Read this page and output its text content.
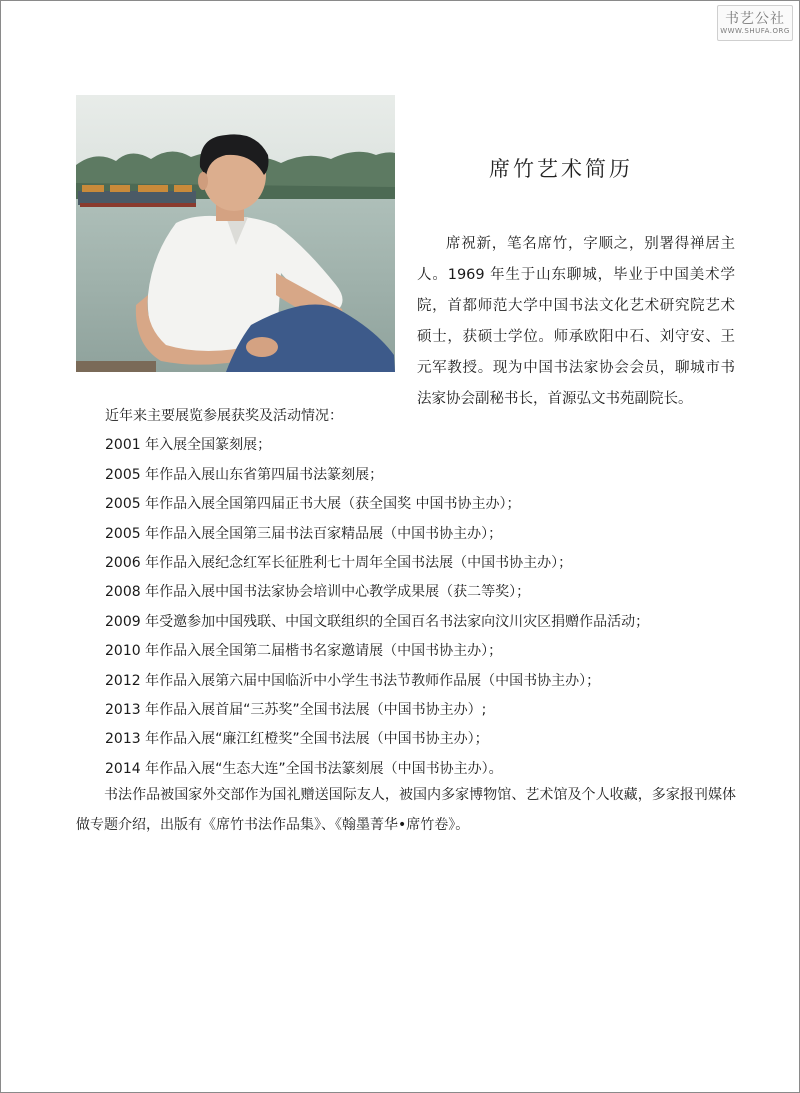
书艺公社
WWW.SHUFA.ORG
席竹艺术简历

席祝新，笔名席竹，字顺之，别署得禅居主人。1969 年生于山东聊城，毕业于中国美术学院，首都师范大学中国书法文化艺术研究院艺术硕士，获硕士学位。师承欧阳中石、刘守安、王元军教授。现为中国书法家协会会员，聊城市书法家协会副秘书长，首源弘文书苑副院长。

近年来主要展览参展获奖及活动情况：
2001 年入展全国篆刻展；
2005 年作品入展山东省第四届书法篆刻展；
2005 年作品入展全国第四届正书大展（获全国奖 中国书协主办）；
2005 年作品入展全国第三届书法百家精品展（中国书协主办）；
2006 年作品入展纪念红军长征胜利七十周年全国书法展（中国书协主办）；
2008 年作品入展中国书法家协会培训中心教学成果展（获二等奖）；
2009 年受邀参加中国残联、中国文联组织的全国百名书法家向汶川灾区捐赠作品活动；
2010 年作品入展全国第二届楷书名家邀请展（中国书协主办）；
2012 年作品入展第六届中国临沂中小学生书法节教师作品展（中国书协主办）；
2013 年作品入展首届“三苏奖”全国书法展（中国书协主办）;
2013 年作品入展“廉江红橙奖”全国书法展（中国书协主办）；
2014 年作品入展“生态大连”全国书法篆刻展（中国书协主办）。

书法作品被国家外交部作为国礼赠送国际友人，被国内多家博物馆、艺术馆及个人收藏，多家报刊媒体做专题介绍，出版有《席竹书法作品集》、《翰墨菁华•席竹卷》。
